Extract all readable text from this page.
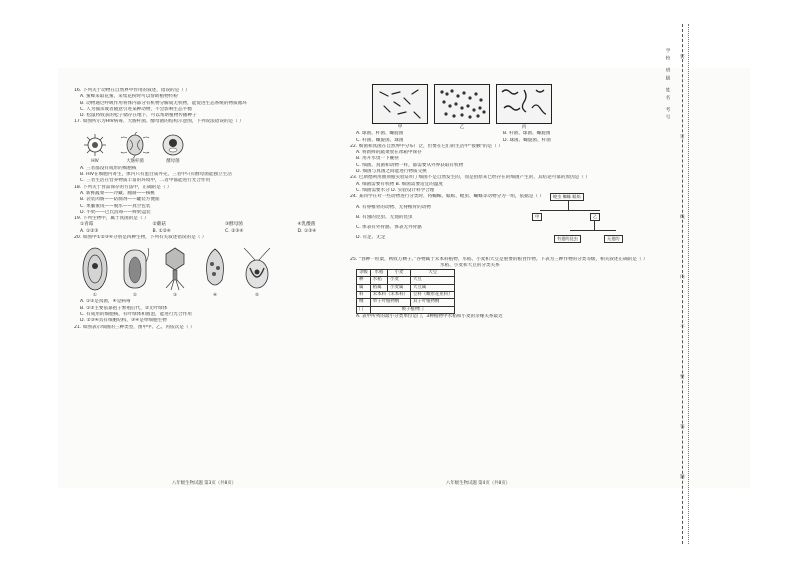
16. 下列关于动物在自然界中作用的叙述，错误的是（ ）
A. 蜜蜂采取花蜜、采集花粉时可以帮助植物传粉
B. 动物通过呼吸作用将体内部分有机物分解成无机物，能促进生态系统的物质循环
C. 人为捕杀或者随意引进某种动物，不会影响生态平衡
D. 松鼠将收获的松子储存在地下，可以帮助植物传播种子
17. 如图所示为HIV病毒、大肠杆菌、酵母菌的结构示意图，下列说法错误的是（ ）
HIV	大肠杆菌	酵母菌
A. 三者都没有成形的细胞核
B. HIV在细胞内寄生，体内只有蛋白质外壳，三者中只有酵母菌能独立生活
C. 三者生活在营养物质丰富的环境中，二者中都能进行光合作用
18. 下列关于食品保存的方法中，正确的是（ ）
A. 新鲜蔬菜——冷藏、腌制——核桃
B. 袋装肉肠——防腐剂——罐装方便面
C. 果脯蜜饯——脱水——真空包装
D. 牛奶——巴氏消毒——鲜奶盒装
19. 下列生物中，属于真菌的是（ ）
①青霉	②蘑菇	③酵母菌	④乳酸菌
A. ①②③	B. ①②④	C. ②③④	D. ①③④
20. 如图中①②③④分别是四种生物，下列有关叙述错误的是（ ）
①	②	③	④	⑤
A. ①②是真菌，④是病毒
B. ①②主要依靠孢子繁殖后代，②无叶绿体
C. 有成形的细胞核，有叶绿体和液泡，能进行光合作用
D. ②③④具有细胞结构，③④是单细胞生物
21. 如图表示细菌的三种类型，图中甲、乙、丙依次是（ ）
八年级生物试题 第3页（共8页）
甲	乙	丙
A. 球菌、杆菌、螺旋菌	B. 杆菌、球菌、螺旋菌
C. 杆菌、螺旋菌、球菌	D. 球菌、螺旋菌、杆菌
22. 细菌和真菌在自然界中分布广泛，但要在它们的生活中“接触”的是（ ）
A. 将新鲜的蔬菜放在冰箱中保存
B. 用开水烫一下碗筷
C. 细菌、真菌和动物一样，都需要从外界获取有机物
D. 细菌与真菌之间能进行物质交换
23. 巴斯德利用曲颈瓶实验证明了细菌不是自然发生的，而是由原来已经存在的细菌产生的，其结论可靠的原因是（ ）
A. 细菌需要有机物 B. 细菌需要适宜的温度
C. 细菌需要水分 D. 实验设计科学合理
24. 某同学在对一些动物进行分类时，将蜘蛛、蜈蚣、蝗虫、蝴蝶等动物分为一组，依据是（ ）
A. 有脊椎骨的动物、无脊椎骨的动物
B. 有翅的昆虫、无翅的昆虫
C. 体表有外骨骼、体表无外骨骼
D. 有足、无足
蝗虫 蜘蛛 蜈蚣
甲	乙
有翅的昆虫	无翅的
25. “春种一粒粟，秋收万颗子。”谷物属于禾本科植物，水稻、小麦和大豆是重要的粮食作物。下表为三种作物的分类等级，相关叙述正确的是（ ）
水稻、小麦和大豆的分类关系
等级	水稻	小麦	大豆
种	水稻	小麦	大豆
属	稻属	小麦属	大豆属
科	禾本科（禾本科）		豆科（蝶形花亚科）
纲	单子叶植物纲		双子叶植物纲
门	被子植物门		
A. 表中所列的最小分类单位是门，3种植物中水稻和小麦的亲缘关系最近
八年级生物试题 第4页（共8页）
学校 班级 姓名 考号 装
订
线
内
不
要
答
题
